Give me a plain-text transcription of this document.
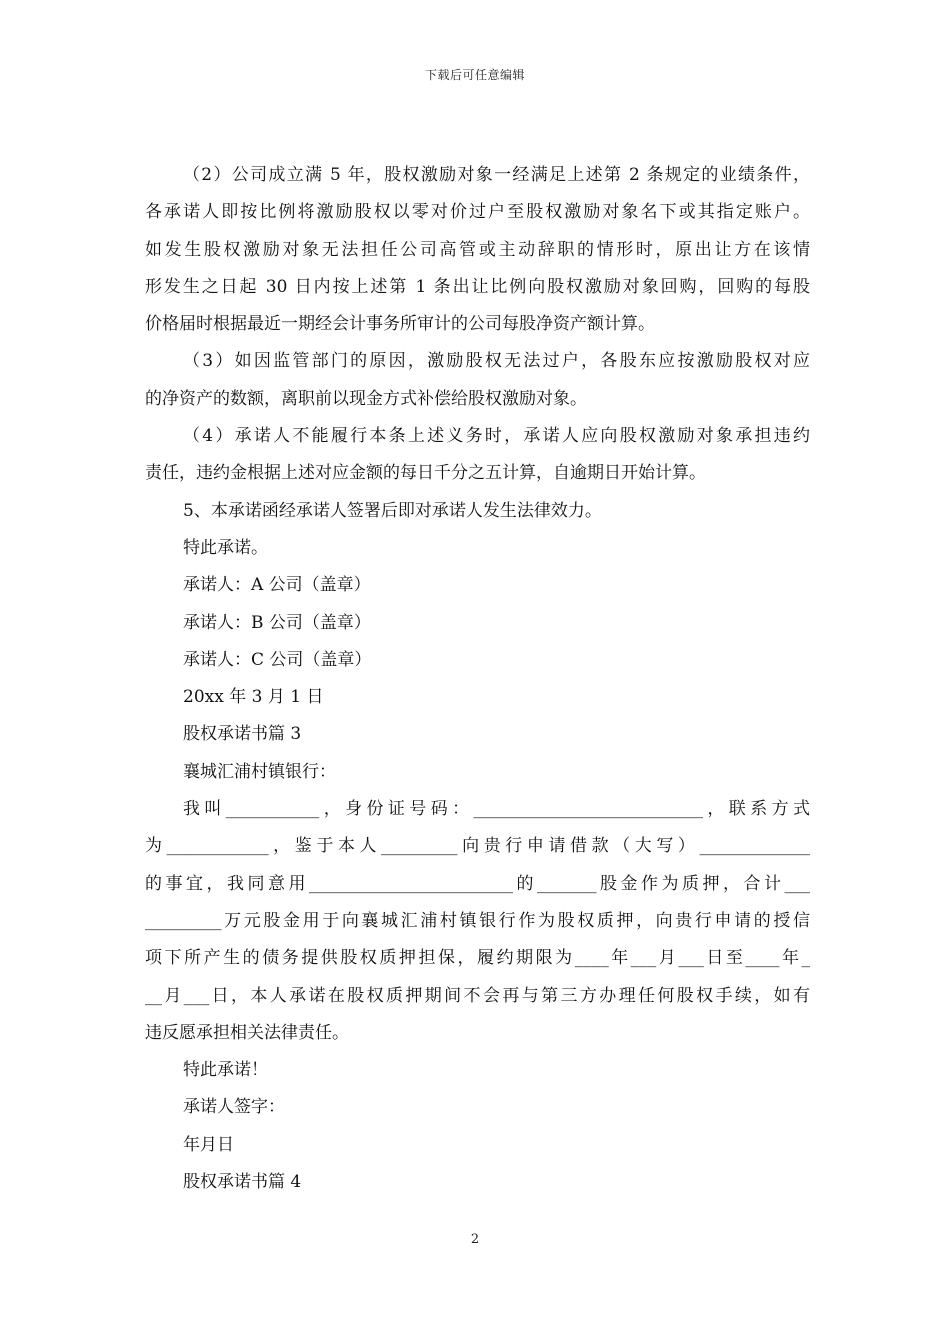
下载后可任意编辑

（2）公司成立满 5 年，股权激励对象一经满足上述第 2 条规定的业绩条件，

各承诺人即按比例将激励股权以零对价过户至股权激励对象名下或其指定账户。

如发生股权激励对象无法担任公司高管或主动辞职的情形时，原出让方在该情

形发生之日起 30 日内按上述第 1 条出让比例向股权激励对象回购，回购的每股

价格届时根据最近一期经会计事务所审计的公司每股净资产额计算。

（3）如因监管部门的原因，激励股权无法过户，各股东应按激励股权对应

的净资产的数额，离职前以现金方式补偿给股权激励对象。

（4）承诺人不能履行本条上述义务时，承诺人应向股权激励对象承担违约

责任，违约金根据上述对应金额的每日千分之五计算，自逾期日开始计算。

5、本承诺函经承诺人签署后即对承诺人发生法律效力。

特此承诺。

承诺人：A 公司（盖章）

承诺人：B 公司（盖章）

承诺人：C 公司（盖章）

20xx 年 3 月 1 日

股权承诺书篇 3

襄城汇浦村镇银行：

我叫___________，身份证号码：___________________________，联系方式

为____________，鉴于本人_________向贵行申请借款（大写）_____________

的事宜，我同意用________________________的_______股金作为质押，合计___

_________万元股金用于向襄城汇浦村镇银行作为股权质押，向贵行申请的授信

项下所产生的债务提供股权质押担保，履约期限为____年___月___日至____年_

__月___日，本人承诺在股权质押期间不会再与第三方办理任何股权手续，如有

违反愿承担相关法律责任。

特此承诺！

承诺人签字：

年月日

股权承诺书篇 4

2
